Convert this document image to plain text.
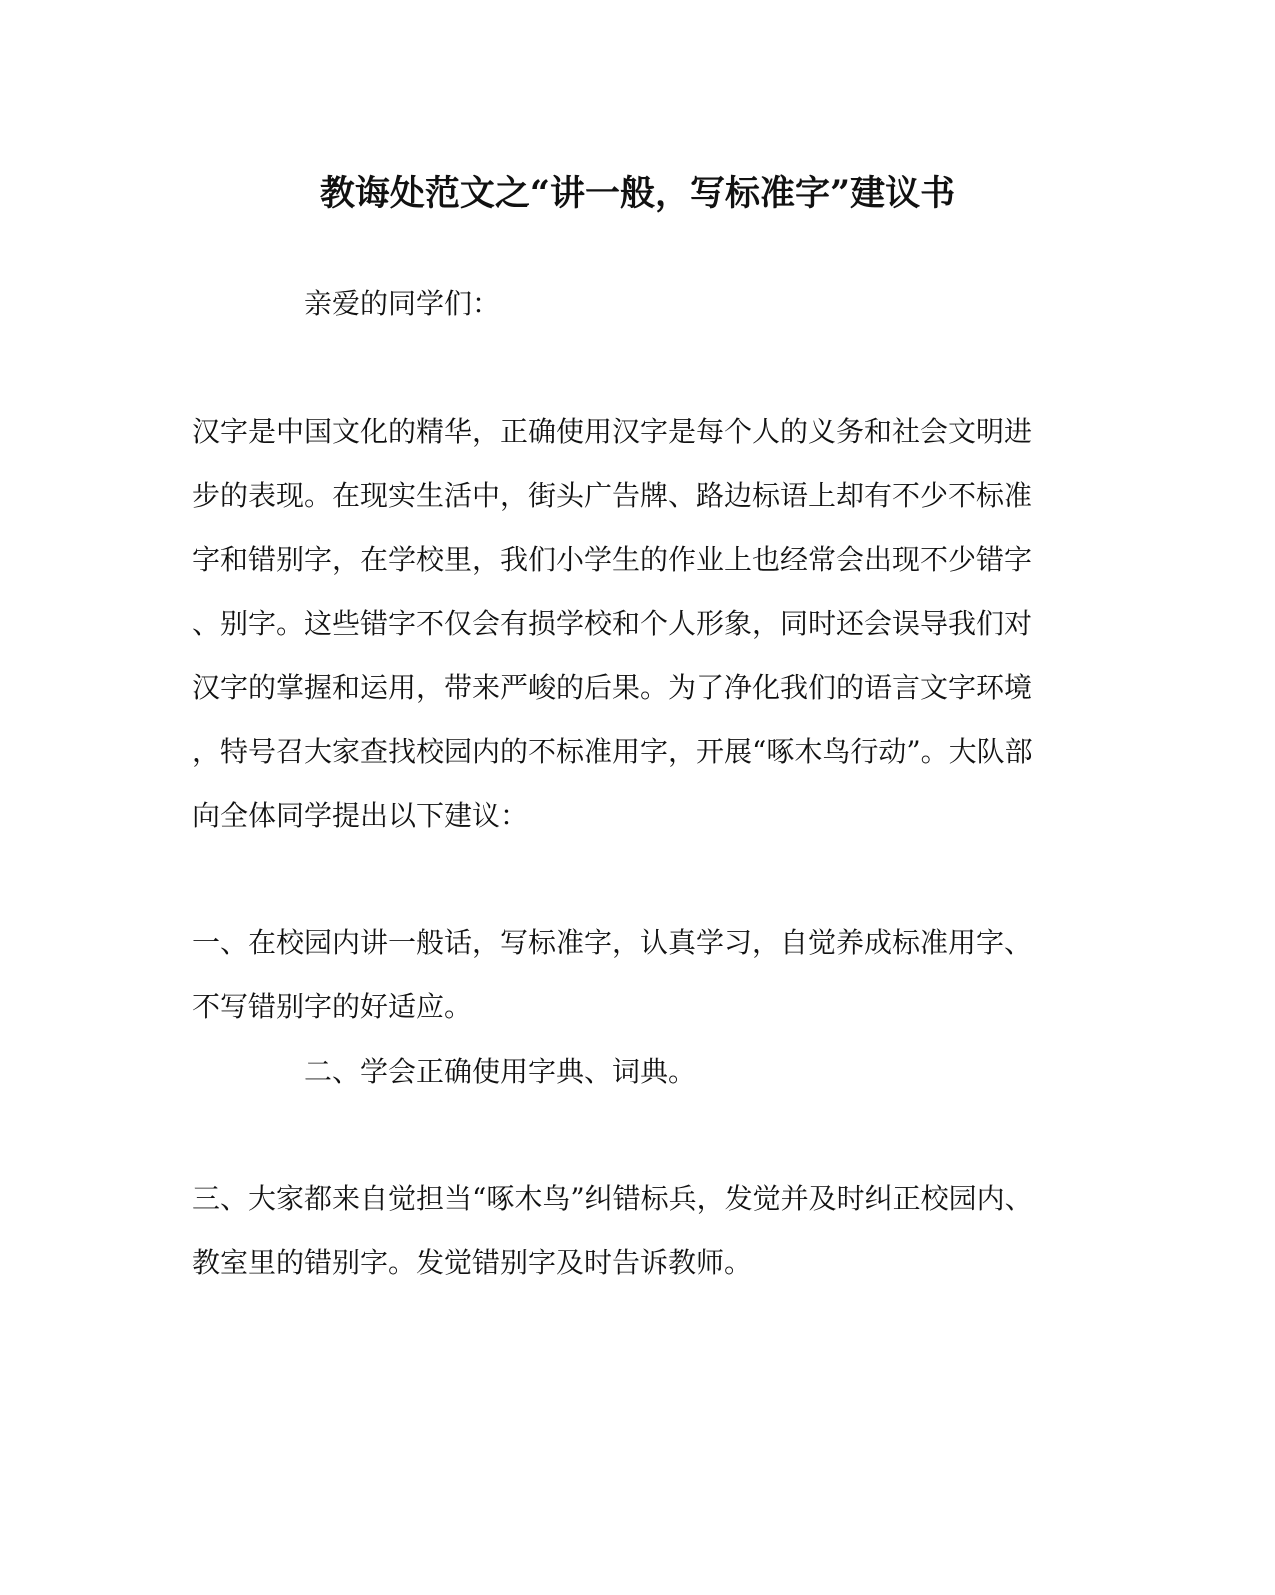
教诲处范文之“讲一般，写标准字”建议书
亲爱的同学们：
汉字是中国文化的精华，正确使用汉字是每个人的义务和社会文明进
步的表现。在现实生活中，街头广告牌、路边标语上却有不少不标准
字和错别字，在学校里，我们小学生的作业上也经常会出现不少错字
、别字。这些错字不仅会有损学校和个人形象，同时还会误导我们对
汉字的掌握和运用，带来严峻的后果。为了净化我们的语言文字环境
，特号召大家查找校园内的不标准用字，开展“啄木鸟行动”。大队部
向全体同学提出以下建议：
一、在校园内讲一般话，写标准字，认真学习，自觉养成标准用字、
不写错别字的好适应。
二、学会正确使用字典、词典。
三、大家都来自觉担当“啄木鸟”纠错标兵，发觉并及时纠正校园内、
教室里的错别字。发觉错别字及时告诉教师。
